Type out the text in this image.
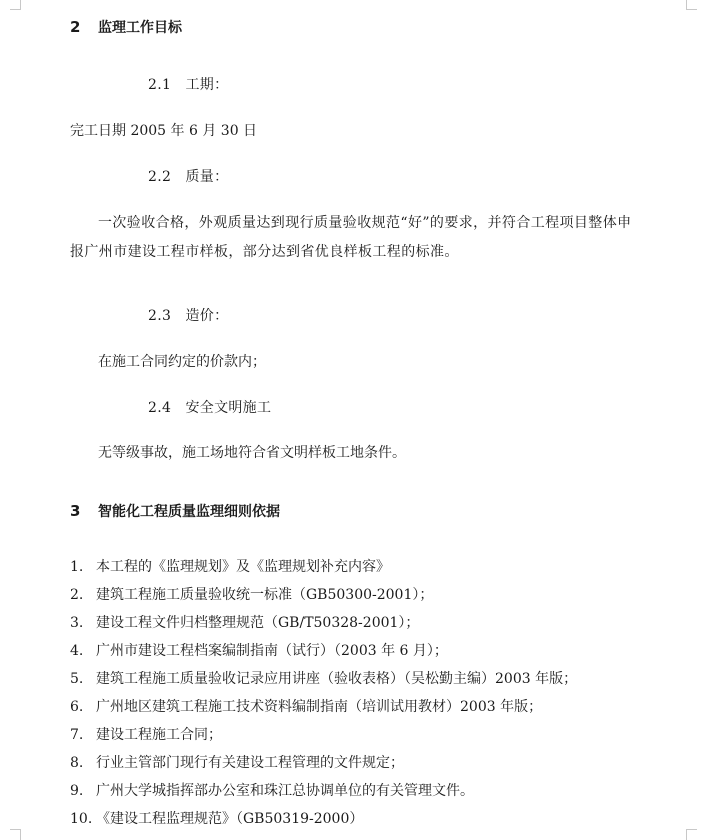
2 监理工作目标
2.1　工期：
完工日期 2005 年 6 月 30 日
2.2　质量：
一次验收合格，外观质量达到现行质量验收规范“好”的要求，并符合工程项目整体申
报广州市建设工程市样板，部分达到省优良样板工程的标准。
2.3　造价：
在施工合同约定的价款内；
2.4　安全文明施工
无等级事故，施工场地符合省文明样板工地条件。
3 智能化工程质量监理细则依据
1. 本工程的《监理规划》及《监理规划补充内容》
2. 建筑工程施工质量验收统一标准（GB50300-2001）；
3. 建设工程文件归档整理规范（GB/T50328-2001）；
4. 广州市建设工程档案编制指南（试行）（2003 年 6 月）；
5. 建筑工程施工质量验收记录应用讲座（验收表格）（吴松勤主编）2003 年版；
6. 广州地区建筑工程施工技术资料编制指南（培训试用教材）2003 年版；
7. 建设工程施工合同；
8. 行业主管部门现行有关建设工程管理的文件规定；
9. 广州大学城指挥部办公室和珠江总协调单位的有关管理文件。
10. 《建设工程监理规范》（GB50319-2000）
